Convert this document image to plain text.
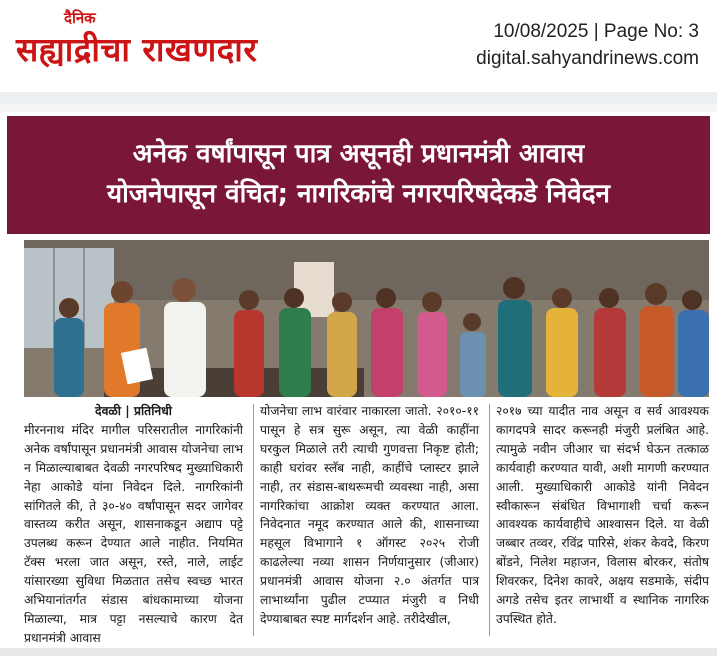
दैनिक
सह्याद्रीचा राखणदार	10/08/2025 | Page No: 3
digital.sahyandrinews.com
अनेक वर्षांपासून पात्र असूनही प्रधानमंत्री आवास
योजनेपासून वंचित; नागरिकांचे नगरपरिषदेकडे निवेदन

देवळी | प्रतिनिधी
मीरननाथ मंदिर मागील परिसरातील नागरिकांनी अनेक वर्षांपासून प्रधानमंत्री आवास योजनेचा लाभ न मिळाल्याबाबत देवळी नगरपरिषद मुख्याधिकारी नेहा आकोडे यांना निवेदन दिले. नागरिकांनी सांगितले की, ते ३०-४० वर्षांपासून सदर जागेवर वास्तव्य करीत असून, शासनाकडून अद्याप पट्टे उपलब्ध करून देण्यात आले नाहीत. नियमित टॅक्स भरला जात असून, रस्ते, नाले, लाईट यांसारख्या सुविधा मिळतात तसेच स्वच्छ भारत अभियानांतर्गत संडास बांधकामाच्या योजना मिळाल्या, मात्र पट्टा नसल्याचे कारण देत प्रधानमंत्री आवास

योजनेचा लाभ वारंवार नाकारला जातो. २०१०-११ पासून हे सत्र सुरू असून, त्या वेळी काहींना घरकुल मिळाले तरी त्याची गुणवत्ता निकृष्ट होती; काही घरांवर स्लॅब नाही, काहींचे प्लास्टर झाले नाही, तर संडास-बाथरूमची व्यवस्था नाही, असा नागरिकांचा आक्रोश व्यक्त करण्यात आला. निवेदनात नमूद करण्यात आले की, शासनाच्या महसूल विभागाने १ ऑगस्ट २०२५ रोजी काढलेल्या नव्या शासन निर्णयानुसार (जीआर) प्रधानमंत्री आवास योजना २.० अंतर्गत पात्र लाभार्थ्यांना पुढील टप्प्यात मंजुरी व निधी देण्याबाबत स्पष्ट मार्गदर्शन आहे. तरीदेखील,

२०१७ च्या यादीत नाव असून व सर्व आवश्यक कागदपत्रे सादर करूनही मंजुरी प्रलंबित आहे. त्यामुळे नवीन जीआर चा संदर्भ घेऊन तत्काळ कार्यवाही करण्यात यावी, अशी मागणी करण्यात आली. मुख्याधिकारी आकोडे यांनी निवेदन स्वीकारून संबंधित विभागाशी चर्चा करून आवश्यक कार्यवाहीचे आश्वासन दिले. या वेळी जब्बार तव्वर, रविंद्र पारिसे, शंकर केवदे, किरण बोंडने, निलेश महाजन, विलास बोरकर, संतोष शिवरकर, दिनेश कावरे, अक्षय सडमाके, संदीप अगडे तसेच इतर लाभार्थी व स्थानिक नागरिक उपस्थित होते.
